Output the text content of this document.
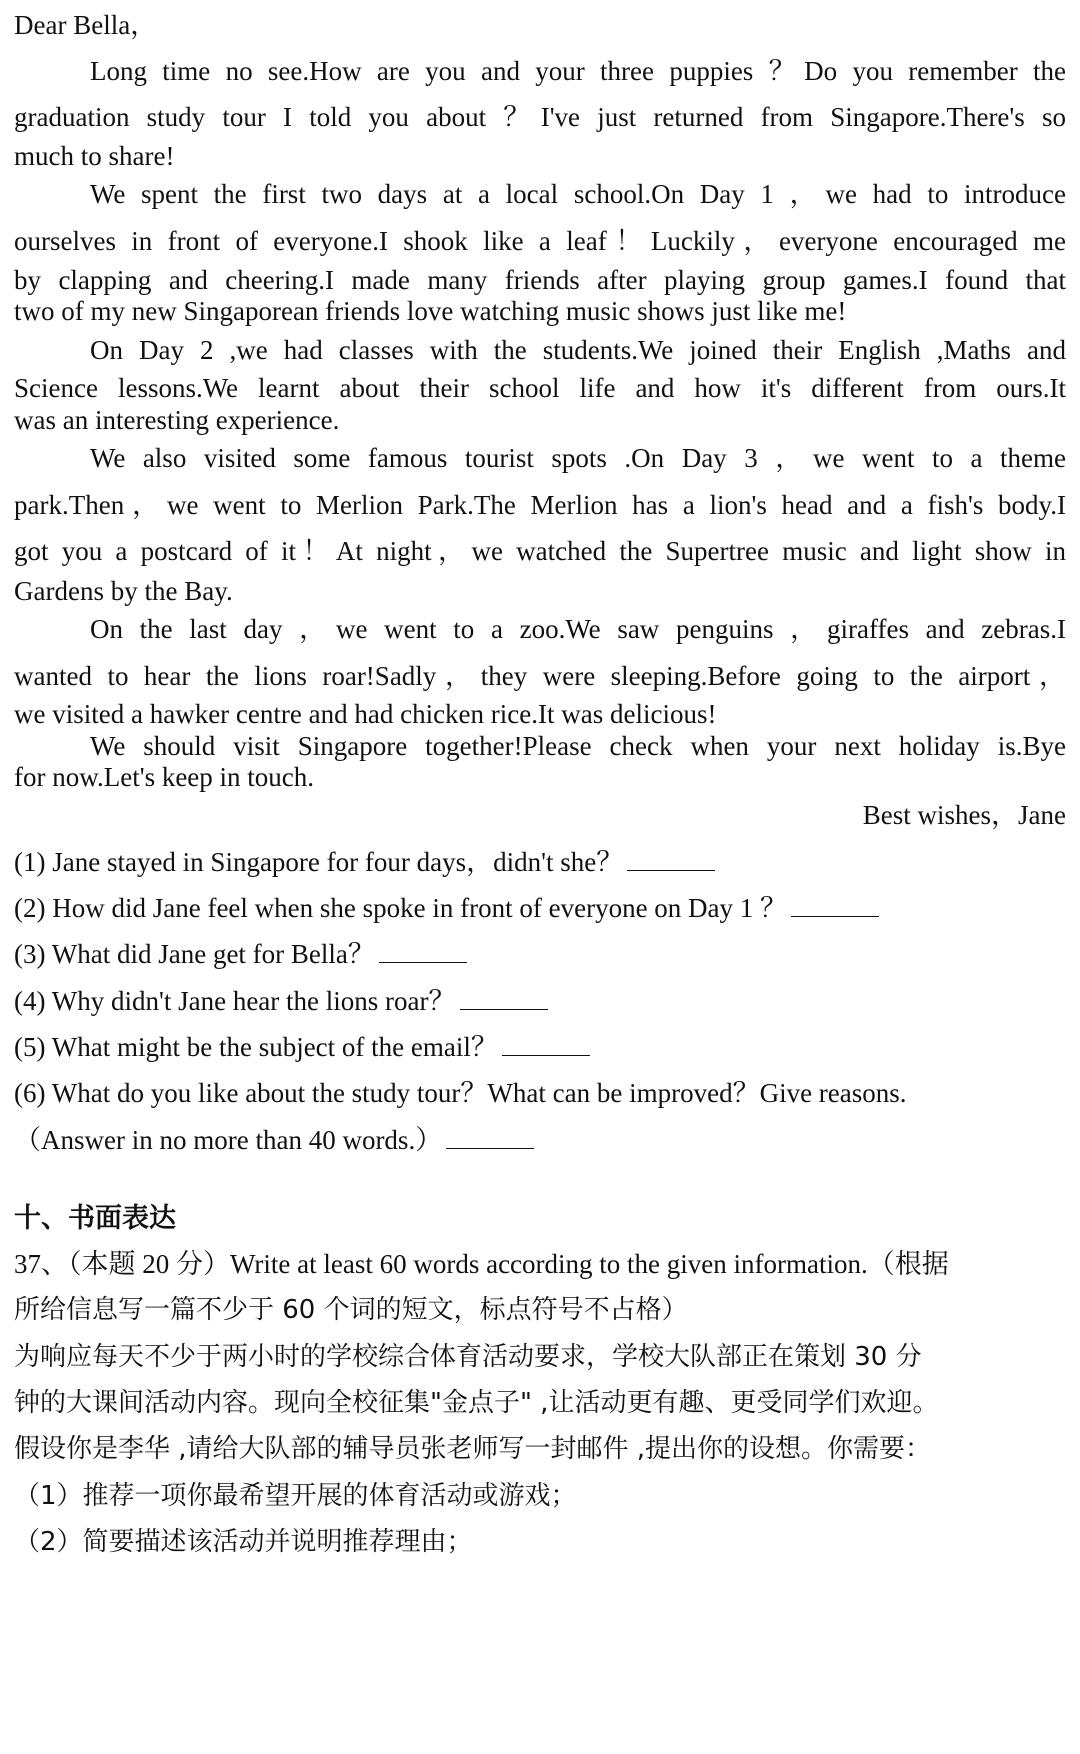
Dear Bella，
Long time no see.How are you and your three puppies ？Do you remember the
graduation study tour I told you about ？I've just returned from Singapore.There's so
much to share!
We spent the first two days at a local school.On Day 1 ，we had to introduce
ourselves in front of everyone.I shook like a leaf！Luckily，everyone encouraged me
by clapping and cheering.I made many friends after playing group games.I found that
two of my new Singaporean friends love watching music shows just like me!
On Day 2 ,we had classes with the students.We joined their English ,Maths and
Science lessons.We learnt about their school life and how it's different from ours.It
was an interesting experience.
We also visited some famous tourist spots .On Day 3 ，we went to a theme
park.Then，we went to Merlion Park.The Merlion has a lion's head and a fish's body.I
got you a postcard of it！At night，we watched the Supertree music and light show in
Gardens by the Bay.
On the last day ，we went to a zoo.We saw penguins ，giraffes and zebras.I
wanted to hear the lions roar!Sadly，they were sleeping.Before going to the airport，
we visited a hawker centre and had chicken rice.It was delicious!
We should visit Singapore together!Please check when your next holiday is.Bye
for now.Let's keep in touch.
Best wishes，Jane
(1) Jane stayed in Singapore for four days，didn't she？
(2) How did Jane feel when she spoke in front of everyone on Day 1 ？
(3) What did Jane get for Bella？
(4) Why didn't Jane hear the lions roar？
(5) What might be the subject of the email？
(6) What do you like about the study tour？What can be improved？Give reasons.
（Answer in no more than 40 words.）
十、书面表达
37、（本题 20 分）Write at least 60 words according to the given information.（根据
所给信息写一篇不少于 60 个词的短文，标点符号不占格）
为响应每天不少于两小时的学校综合体育活动要求，学校大队部正在策划 30 分
钟的大课间活动内容。现向全校征集"金点子" ,让活动更有趣、更受同学们欢迎。
假设你是李华 ,请给大队部的辅导员张老师写一封邮件 ,提出你的设想。你需要：
（1）推荐一项你最希望开展的体育活动或游戏；
（2）简要描述该活动并说明推荐理由；
